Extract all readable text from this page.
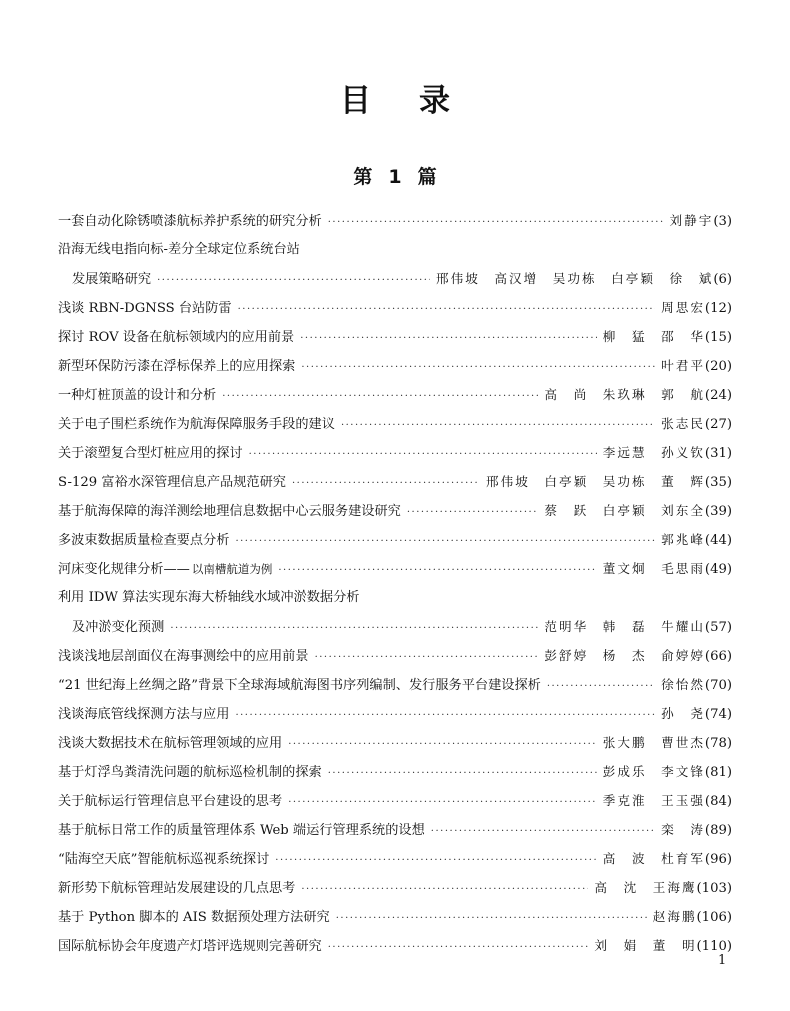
目 录
第 1 篇
一套自动化除锈喷漆航标养护系统的研究分析 ·····	刘静宇 (3)
沿海无线电指向标-差分全球定位系统台站
发展策略研究 ·····	邢伟坡　高汉增　吴功栋　白亭颖　徐　斌 (6)
浅谈 RBN-DGNSS 台站防雷 ·····	周思宏 (12)
探讨 ROV 设备在航标领域内的应用前景 ·····	柳　猛　邵　华 (15)
新型环保防污漆在浮标保养上的应用探索 ·····	叶君平 (20)
一种灯桩顶盖的设计和分析 ·····	高　尚　朱玖琳　郭　航 (24)
关于电子围栏系统作为航海保障服务手段的建议 ·····	张志民 (27)
关于滚塑复合型灯桩应用的探讨 ·····	李远慧　孙义钦 (31)
S-129 富裕水深管理信息产品规范研究 ·····	邢伟坡　白亭颖　吴功栋　董　辉 (35)
基于航海保障的海洋测绘地理信息数据中心云服务建设研究 ·····	蔡　跃　白亭颖　刘东全 (39)
多波束数据质量检查要点分析 ·····	郭兆峰 (44)
河床变化规律分析—— 以南槽航道为例 ·····	董文炯　毛思雨 (49)
利用 IDW 算法实现东海大桥轴线水域冲淤数据分析
及冲淤变化预测 ·····	范明华　韩　磊　牛耀山 (57)
浅谈浅地层剖面仪在海事测绘中的应用前景 ·····	彭舒婷　杨　杰　俞婷婷 (66)
“21 世纪海上丝绸之路”背景下全球海域航海图书序列编制、发行服务平台建设探析 ·····	徐怡然 (70)
浅谈海底管线探测方法与应用 ·····	孙　尧 (74)
浅谈大数据技术在航标管理领域的应用 ·····	张大鹏　曹世杰 (78)
基于灯浮鸟粪清洗问题的航标巡检机制的探索 ·····	彭成乐　李文锋 (81)
关于航标运行管理信息平台建设的思考 ·····	季克淮　王玉强 (84)
基于航标日常工作的质量管理体系 Web 端运行管理系统的设想 ·····	栾　涛 (89)
“陆海空天底”智能航标巡视系统探讨 ·····	高　波　杜育军 (96)
新形势下航标管理站发展建设的几点思考 ·····	高　沈　王海鹰 (103)
基于 Python 脚本的 AIS 数据预处理方法研究 ·····	赵海鹏 (106)
国际航标协会年度遗产灯塔评选规则完善研究 ·····	刘　娟　董　明 (110)
1
